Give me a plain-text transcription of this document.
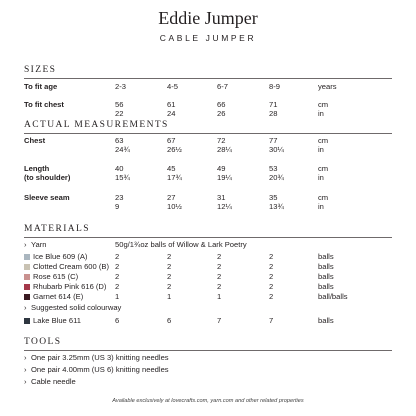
Eddie Jumper
CABLE JUMPER
SIZES
To fit age	2-3	4-5	6-7	8-9	years
To fit chest	56	61	66	71	cm
22	24	26	28	in
ACTUAL MEASUREMENTS
Chest	63	67	72	77	cm
24¾	26½	28¼	30¼	in
Length	40	45	49	53	cm
(to shoulder)	15¾	17¾	19¼	20¾	in
Sleeve seam	23	27	31	35	cm
9	10½	12¼	13¾	in
MATERIALS
› Yarn	50g/1¾oz balls of Willow & Lark Poetry
Ice Blue 609 (A)	2	2	2	2	balls
Clotted Cream 600 (B) 2	2	2	2	balls
Rose 615 (C)	2	2	2	2	balls
Rhubarb Pink 616 (D) 2	2	2	2	balls
Garnet 614 (E)	1	1	1	2	ball/balls
› Suggested solid colourway
Lake Blue 611	6	6	7	7	balls
TOOLS
› One pair 3.25mm (US 3) knitting needles
› One pair 4.00mm (US 6) knitting needles
› Cable needle
Available exclusively at lovecrafts.com, yarn.com and other related properties
